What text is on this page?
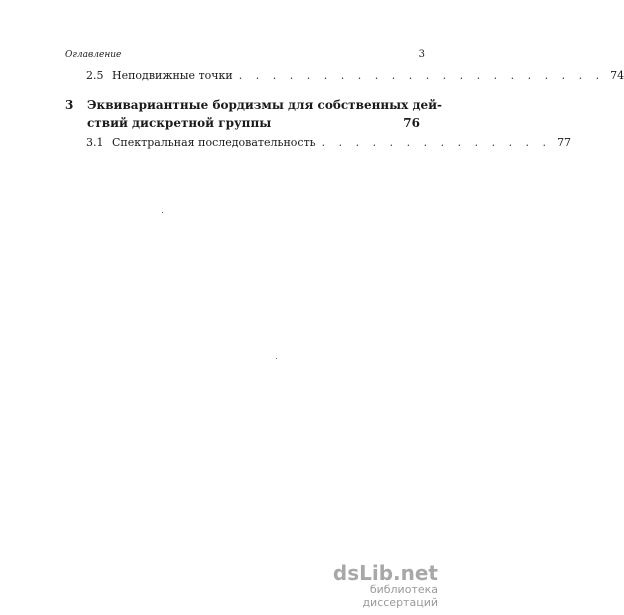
Оглавление	3
2.5 Неподвижные точки . . . . . . . . . . . . . . . . . . . . . . 74
3 Эквивариантные бордизмы для собственных дей-
ствий дискретной группы	76
3.1 Спектральная последовательность . . . . . . . . . . . . . . 77
dsLib.net
библиотека диссертаций
